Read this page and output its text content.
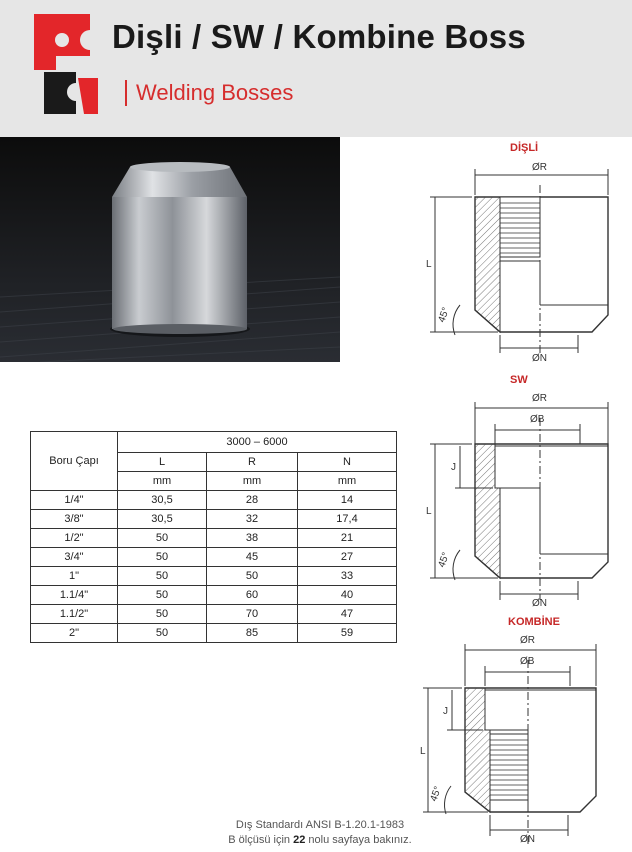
Dişli / SW / Kombine Boss
Welding Bosses
Boru Çapı	3000 – 6000		
	L	R	N
	mm	mm	mm
1/4"	30,5	28	14
3/8"	30,5	32	17,4
1/2"	50	38	21
3/4"	50	45	27
1"	50	50	33
1.1/4"	50	60	40
1.1/2"	50	70	47
2"	50	85	59
DİŞLİ
ØR
ØN
L
45°
SW
ØR
ØB
ØN
L
J
45°
KOMBİNE
ØR
ØB
ØN
L
J
45°
Dış Standardı ANSI B-1.20.1-1983
B ölçüsü için 22 nolu sayfaya bakınız.
